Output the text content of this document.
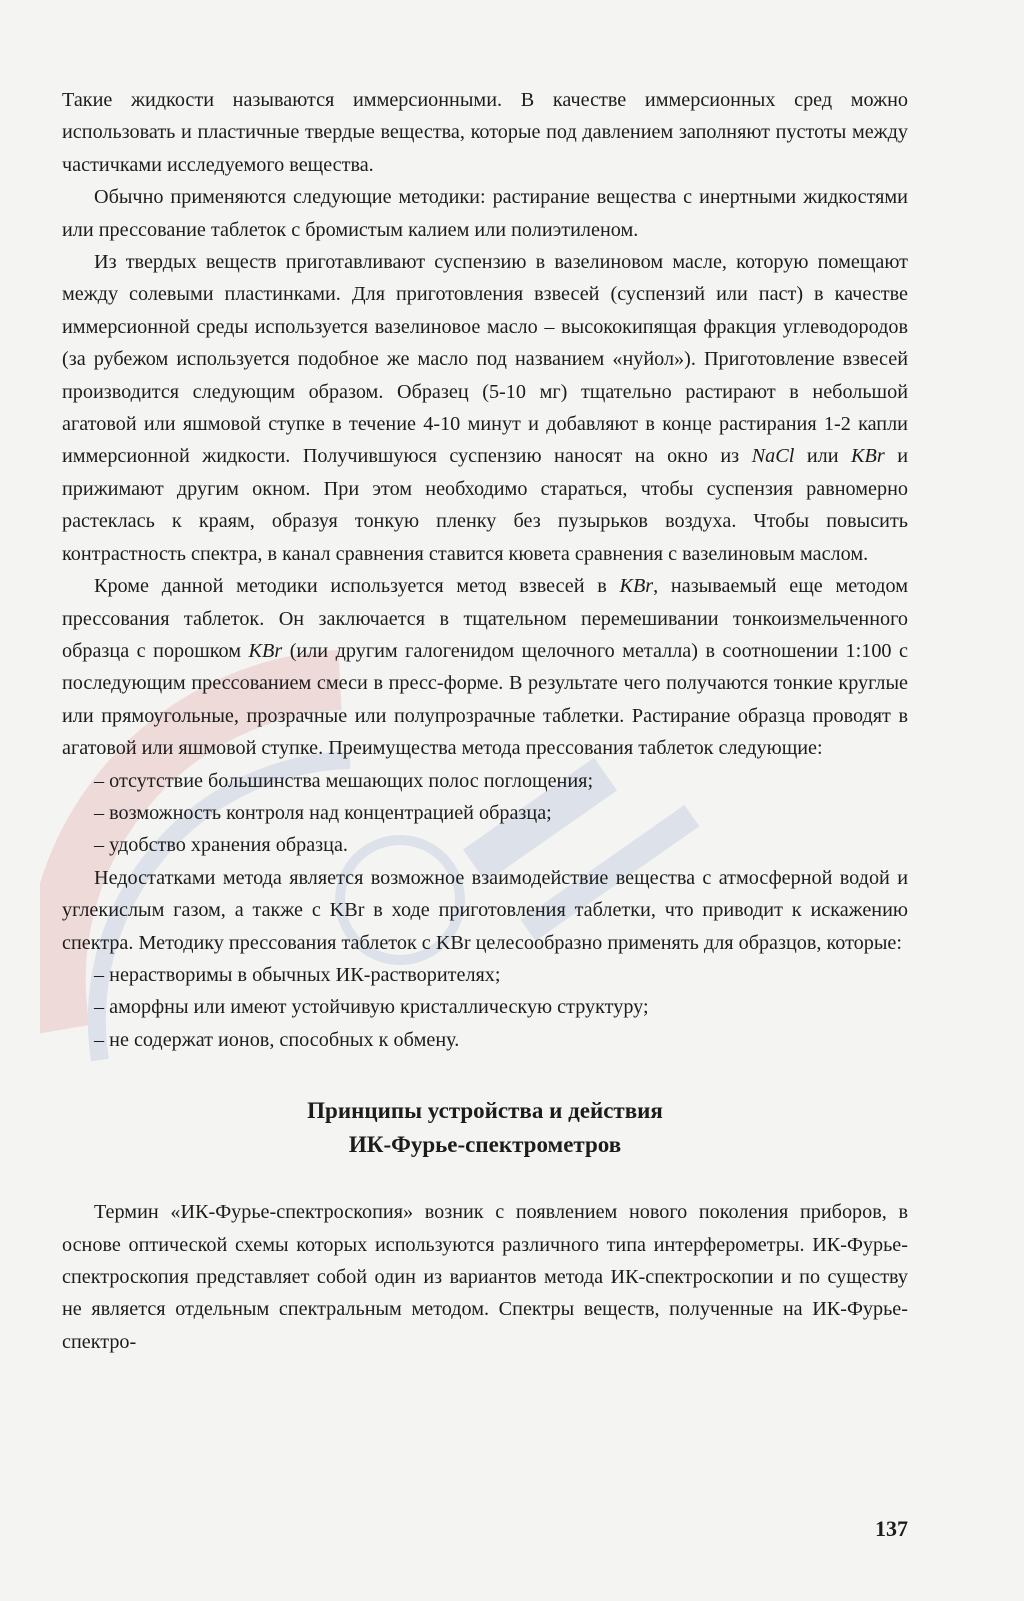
Такие жидкости называются иммерсионными. В качестве иммерсионных сред можно использовать и пластичные твердые вещества, которые под давлением заполняют пустоты между частичками исследуемого вещества.

Обычно применяются следующие методики: растирание вещества с инертными жидкостями или прессование таблеток с бромистым калием или полиэтиленом.

Из твердых веществ приготавливают суспензию в вазелиновом масле, которую помещают между солевыми пластинками. Для приготовления взвесей (суспензий или паст) в качестве иммерсионной среды используется вазелиновое масло – высококипящая фракция углеводородов (за рубежом используется подобное же масло под названием «нуйол»). Приготовление взвесей производится следующим образом. Образец (5-10 мг) тщательно растирают в небольшой агатовой или яшмовой ступке в течение 4-10 минут и добавляют в конце растирания 1-2 капли иммерсионной жидкости. Получившуюся суспензию наносят на окно из NaCl или KBr и прижимают другим окном. При этом необходимо стараться, чтобы суспензия равномерно растеклась к краям, образуя тонкую пленку без пузырьков воздуха. Чтобы повысить контрастность спектра, в канал сравнения ставится кювета сравнения с вазелиновым маслом.

Кроме данной методики используется метод взвесей в KBr, называемый еще методом прессования таблеток. Он заключается в тщательном перемешивании тонкоизмельченного образца с порошком KBr (или другим галогенидом щелочного металла) в соотношении 1:100 с последующим прессованием смеси в пресс-форме. В результате чего получаются тонкие круглые или прямоугольные, прозрачные или полупрозрачные таблетки. Растирание образца проводят в агатовой или яшмовой ступке. Преимущества метода прессования таблеток следующие:

– отсутствие большинства мешающих полос поглощения;

– возможность контроля над концентрацией образца;

– удобство хранения образца.

Недостатками метода является возможное взаимодействие вещества с атмосферной водой и углекислым газом, а также с KBr в ходе приготовления таблетки, что приводит к искажению спектра. Методику прессования таблеток с KBr целесообразно применять для образцов, которые:

– нерастворимы в обычных ИК-растворителях;

– аморфны или имеют устойчивую кристаллическую структуру;

– не содержат ионов, способных к обмену.

Принципы устройства и действия
ИК-Фурье-спектрометров

Термин «ИК-Фурье-спектроскопия» возник с появлением нового поколения приборов, в основе оптической схемы которых используются различного типа интерферометры. ИК-Фурье-спектроскопия представляет собой один из вариантов метода ИК-спектроскопии и по существу не является отдельным спектральным методом. Спектры веществ, полученные на ИК-Фурье-спектро-

137
